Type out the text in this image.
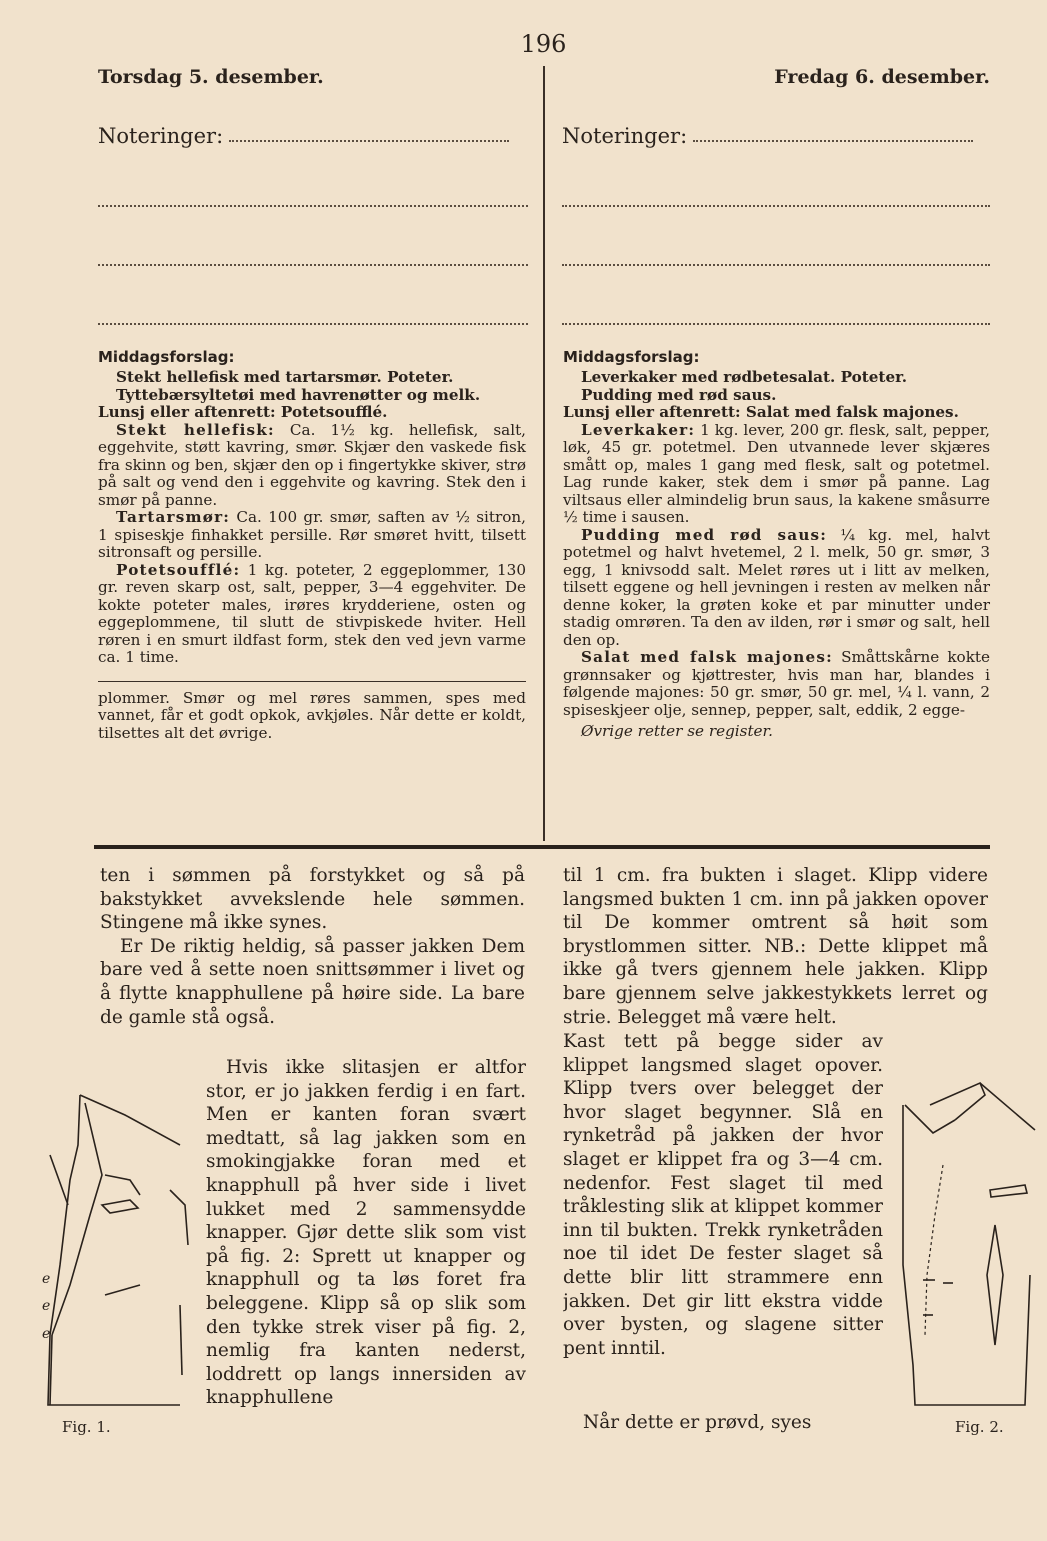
196
Torsdag 5. desember.
Noteringer:
Middagsforslag:

Stekt hellefisk med tartarsmør. Poteter.

Tyttebærsyltetøi med havrenøtter og melk.

Lunsj eller aftenrett: Potetsoufflé.

Stekt hellefisk: Ca. 1½ kg. hellefisk, salt, eggehvite, støtt kavring, smør. Skjær den vaskede fisk fra skinn og ben, skjær den op i fingertykke skiver, strø på salt og vend den i eggehvite og kavring. Stek den i smør på panne.

Tartarsmør: Ca. 100 gr. smør, saften av ½ sitron, 1 spiseskje finhakket persille. Rør smøret hvitt, tilsett sitronsaft og persille.

Potetsoufflé: 1 kg. poteter, 2 eggeplommer, 130 gr. reven skarp ost, salt, pepper, 3—4 eggehviter. De kokte poteter males, irøres krydderiene, osten og eggeplommene, til slutt de stivpiskede hviter. Hell røren i en smurt ildfast form, stek den ved jevn varme ca. 1 time.

plommer. Smør og mel røres sammen, spes med vannet, får et godt opkok, avkjøles. Når dette er koldt, tilsettes alt det øvrige.

Fredag 6. desember.
Noteringer:
Middagsforslag:

Leverkaker med rødbetesalat. Poteter.

Pudding med rød saus.

Lunsj eller aftenrett: Salat med falsk majones.

Leverkaker: 1 kg. lever, 200 gr. flesk, salt, pepper, løk, 45 gr. potetmel. Den utvannede lever skjæres smått op, males 1 gang med flesk, salt og potetmel. Lag runde kaker, stek dem i smør på panne. Lag viltsaus eller almindelig brun saus, la kakene småsurre ½ time i sausen.

Pudding med rød saus: ¼ kg. mel, halvt potetmel og halvt hvetemel, 2 l. melk, 50 gr. smør, 3 egg, 1 knivsodd salt. Melet røres ut i litt av melken, tilsett eggene og hell jevningen i resten av melken når denne koker, la grøten koke et par minutter under stadig omrøren. Ta den av ilden, rør i smør og salt, hell den op.

Salat med falsk majones: Småttskårne kokte grønnsaker og kjøttrester, hvis man har, blandes i følgende majones: 50 gr. smør, 50 gr. mel, ¼ l. vann, 2 spiseskjeer olje, sennep, pepper, salt, eddik, 2 egge-

Øvrige retter se register.

ten i sømmen på forstykket og så på bakstykket avvekslende hele sømmen. Stingene må ikke synes.

Er De riktig heldig, så passer jakken Dem bare ved å sette noen snittsømmer i livet og å flytte knapphullene på høire side. La bare de gamle stå også.

Hvis ikke slitasjen er altfor stor, er jo jakken ferdig i en fart. Men er kanten foran svært medtatt, så lag jakken som en smokingjakke foran med et knapphull på hver side i livet lukket med 2 sammensydde knapper. Gjør dette slik som vist på fig. 2: Sprett ut knapper og knapphull og ta løs foret fra beleggene. Klipp så op slik som den tykke strek viser på fig. 2, nemlig fra kanten nederst, loddrett op langs innersiden av knapphullene

e
e
e
Fig. 1.

til 1 cm. fra bukten i slaget. Klipp videre langsmed bukten 1 cm. inn på jakken opover til De kommer omtrent så høit som brystlommen sitter. NB.: Dette klippet må ikke gå tvers gjennem hele jakken. Klipp bare gjennem selve jakkestykkets lerret og strie. Belegget må være helt.

Kast tett på begge sider av klippet langsmed slaget opover. Klipp tvers over belegget der hvor slaget begynner. Slå en rynketråd på jakken der hvor slaget er klippet fra og 3—4 cm. nedenfor. Fest slaget til med tråklesting slik at klippet kommer inn til bukten. Trekk rynketråden noe til idet De fester slaget så dette blir litt strammere enn jakken. Det gir litt ekstra vidde over bysten, og slagene sitter pent inntil.

Når dette er prøvd, syes	Fig. 2.
